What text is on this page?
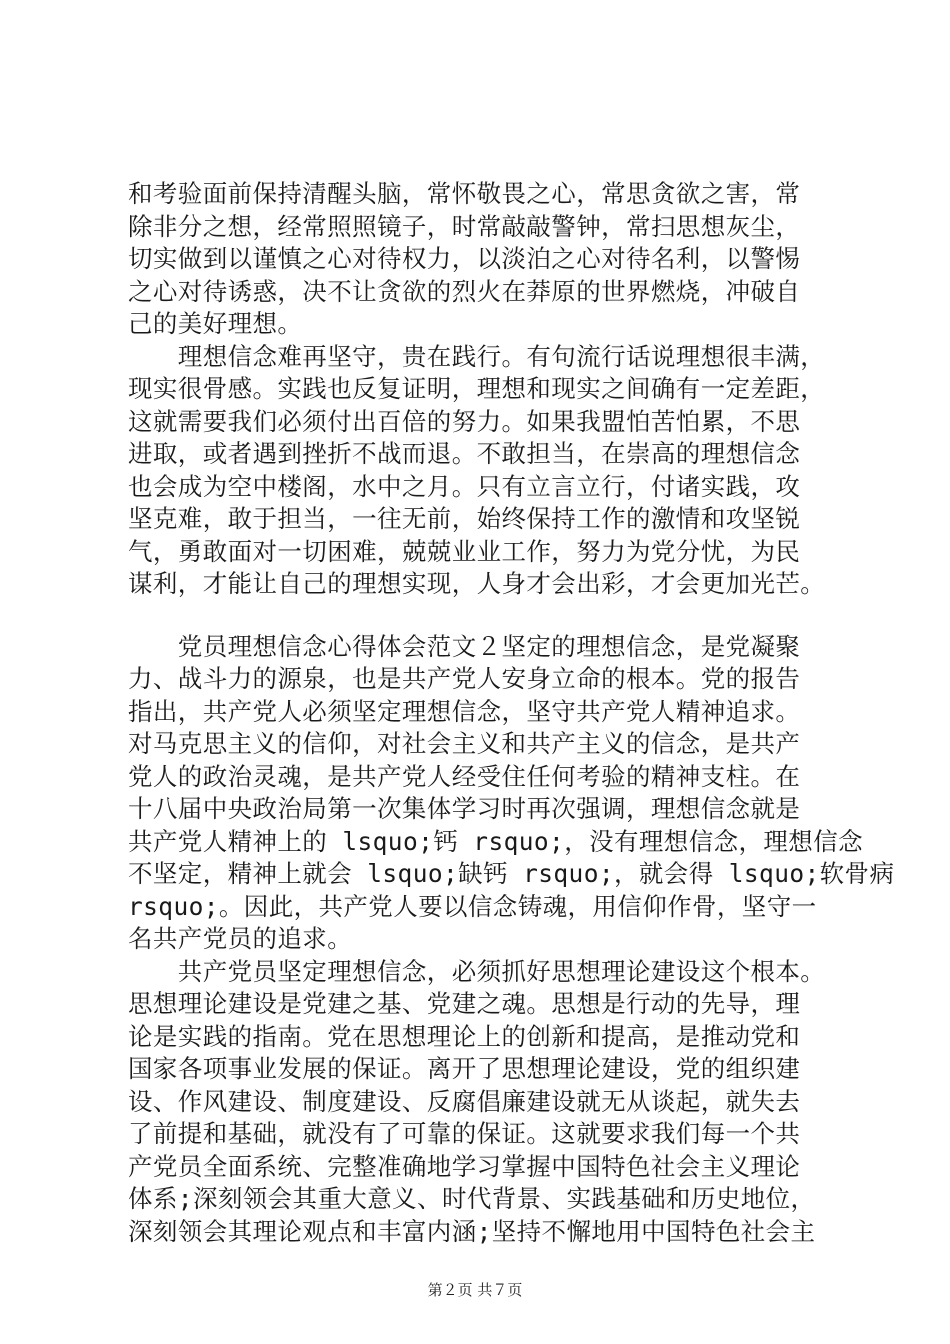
和考验面前保持清醒头脑，常怀敬畏之心，常思贪欲之害，常
除非分之想，经常照照镜子，时常敲敲警钟，常扫思想灰尘，
切实做到以谨慎之心对待权力，以淡泊之心对待名利，以警惕
之心对待诱惑，决不让贪欲的烈火在莽原的世界燃烧，冲破自
己的美好理想。
　　理想信念难再坚守，贵在践行。有句流行话说理想很丰满，
现实很骨感。实践也反复证明，理想和现实之间确有一定差距，
这就需要我们必须付出百倍的努力。如果我盟怕苦怕累，不思
进取，或者遇到挫折不战而退。不敢担当，在崇高的理想信念
也会成为空中楼阁，水中之月。只有立言立行，付诸实践，攻
坚克难，敢于担当，一往无前，始终保持工作的激情和攻坚锐
气，勇敢面对一切困难，兢兢业业工作，努力为党分忧，为民
谋利，才能让自己的理想实现，人身才会出彩，才会更加光芒。
　　党员理想信念心得体会范文２坚定的理想信念，是党凝聚
力、战斗力的源泉，也是共产党人安身立命的根本。党的报告
指出，共产党人必须坚定理想信念，坚守共产党人精神追求。
对马克思主义的信仰，对社会主义和共产主义的信念，是共产
党人的政治灵魂，是共产党人经受住任何考验的精神支柱。在
十八届中央政治局第一次集体学习时再次强调，理想信念就是
共产党人精神上的 lsquo;钙 rsquo;，没有理想信念，理想信念
不坚定，精神上就会 lsquo;缺钙 rsquo;，就会得 lsquo;软骨病
rsquo;。因此，共产党人要以信念铸魂，用信仰作骨，坚守一
名共产党员的追求。
　　共产党员坚定理想信念，必须抓好思想理论建设这个根本。
思想理论建设是党建之基、党建之魂。思想是行动的先导，理
论是实践的指南。党在思想理论上的创新和提高，是推动党和
国家各项事业发展的保证。离开了思想理论建设，党的组织建
设、作风建设、制度建设、反腐倡廉建设就无从谈起，就失去
了前提和基础，就没有了可靠的保证。这就要求我们每一个共
产党员全面系统、完整准确地学习掌握中国特色社会主义理论
体系;深刻领会其重大意义、时代背景、实践基础和历史地位，
深刻领会其理论观点和丰富内涵;坚持不懈地用中国特色社会主
第２页 共７页
